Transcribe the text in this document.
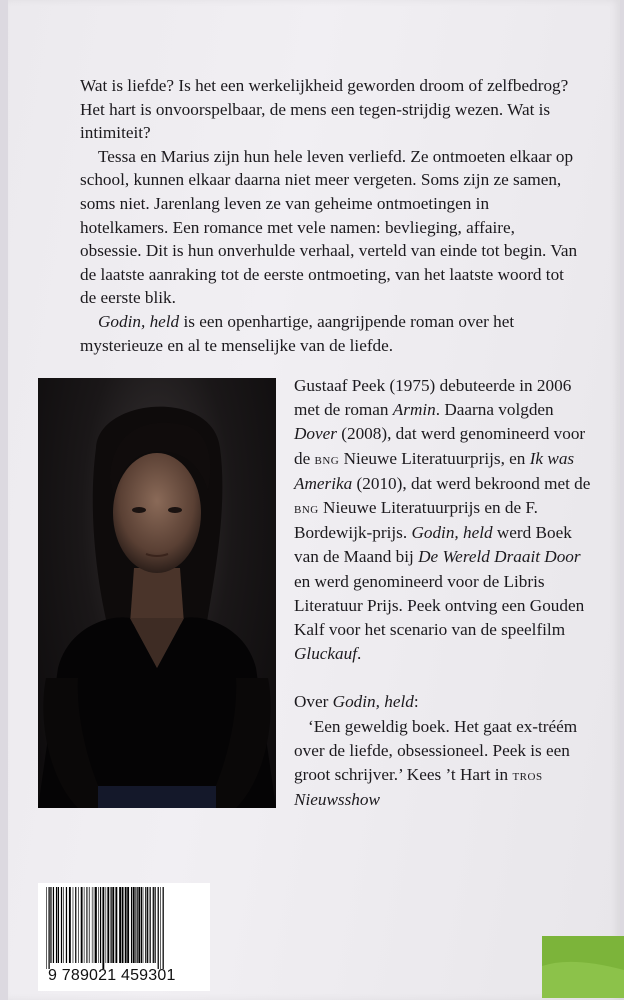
Wat is liefde? Is het een werkelijkheid geworden droom of zelfbedrog? Het hart is onvoorspelbaar, de mens een tegen-strijdig wezen. Wat is intimiteit?

Tessa en Marius zijn hun hele leven verliefd. Ze ontmoeten elkaar op school, kunnen elkaar daarna niet meer vergeten. Soms zijn ze samen, soms niet. Jarenlang leven ze van geheime ontmoetingen in hotelkamers. Een romance met vele namen: bevlieging, affaire, obsessie. Dit is hun onverhulde verhaal, verteld van einde tot begin. Van de laatste aanraking tot de eerste ontmoeting, van het laatste woord tot de eerste blik.

Godin, held is een openhartige, aangrijpende roman over het mysterieuze en al te menselijke van de liefde.

Gustaaf Peek (1975) debuteerde in 2006 met de roman Armin. Daarna volgden Dover (2008), dat werd genomineerd voor de bng Nieuwe Literatuurprijs, en Ik was Amerika (2010), dat werd bekroond met de bng Nieuwe Literatuurprijs en de F. Bordewijk-prijs. Godin, held werd Boek van de Maand bij De Wereld Draait Door en werd genomineerd voor de Libris Literatuur Prijs. Peek ontving een Gouden Kalf voor het scenario van de speelfilm Gluckauf.

Over Godin, held:

‘Een geweldig boek. Het gaat ex-tréém over de liefde, obsessioneel. Peek is een groot schrijver.’ Kees ’t Hart in tros Nieuwsshow

9 789021 459301
